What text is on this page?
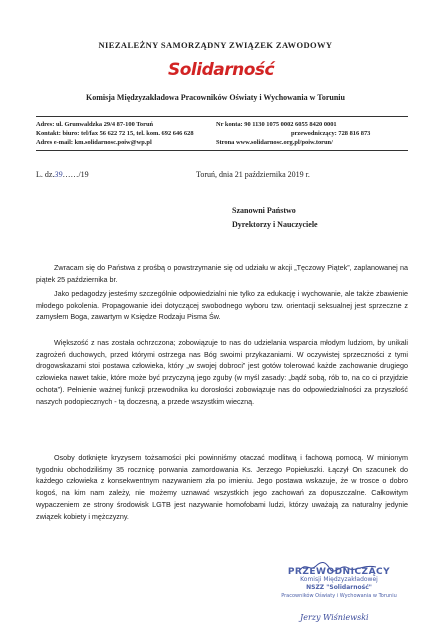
NIEZALEŻNY SAMORZĄDNY ZWIĄZEK ZAWODOWY
Solidarność
Komisja Międzyzakładowa Pracowników Oświaty i Wychowania w Toruniu
Adres: ul. Grunwaldzka 29/4 87-100 Toruń	Nr konta: 90 1130 1075 0002 6055 8420 0001
Kontakt: biuro: tel/fax 56 622 72 15, tel. kom. 692 646 628	przewodniczący: 728 816 873
Adres e-mail: km.solidarnosc.poiw@wp.pl	Strona www.solidarnosc.org.pl/poiw.torun/
L. dz.39……/19	Toruń, dnia 21 października 2019 r.
Szanowni Państwo
Dyrektorzy i Nauczyciele

Zwracam się do Państwa z prośbą o powstrzymanie się od udziału w akcji „Tęczowy Piątek”, zaplanowanej na piątek 25 października br.

Jako pedagodzy jesteśmy szczególnie odpowiedzialni nie tylko za edukację i wychowanie, ale także zbawienie młodego pokolenia. Propagowanie idei dotyczącej swobodnego wyboru tzw. orientacji seksualnej jest sprzeczne z zamysłem Boga, zawartym w Księdze Rodzaju Pisma Św.

Większość z nas została ochrzczona; zobowiązuje to nas do udzielania wsparcia młodym ludziom, by unikali zagrożeń duchowych, przed którymi ostrzega nas Bóg swoimi przykazaniami. W oczywistej sprzeczności z tymi drogowskazami stoi postawa człowieka, który „w swojej dobroci” jest gotów tolerować każde zachowanie drugiego człowieka nawet takie, które może być przyczyną jego zguby (w myśl zasady: „bądź sobą, rób to, na co ci przyjdzie ochota”). Pełnienie ważnej funkcji przewodnika ku dorosłości zobowiązuje nas do odpowiedzialności za przyszłość naszych podopiecznych - tą doczesną, a przede wszystkim wieczną.

Osoby dotknięte kryzysem tożsamości płci powinniśmy otaczać modlitwą i fachową pomocą. W minionym tygodniu obchodziliśmy 35 rocznicę porwania zamordowania Ks. Jerzego Popiełuszki. Łączył On szacunek do każdego człowieka z konsekwentnym nazywaniem zła po imieniu. Jego postawa wskazuje, że w trosce o dobro kogoś, na kim nam zależy, nie możemy uznawać wszystkich jego zachowań za dopuszczalne. Całkowitym wypaczeniem ze strony środowisk LGTB jest nazywanie homofobami ludzi, którzy uważają za naturalny jedynie związek kobiety i mężczyzny.

PRZEWODNICZĄCY
Komisji Międzyzakładowej
NSZZ "Solidarność"
Pracowników Oświaty i Wychowania w Toruniu
Jerzy Wiśniewski
